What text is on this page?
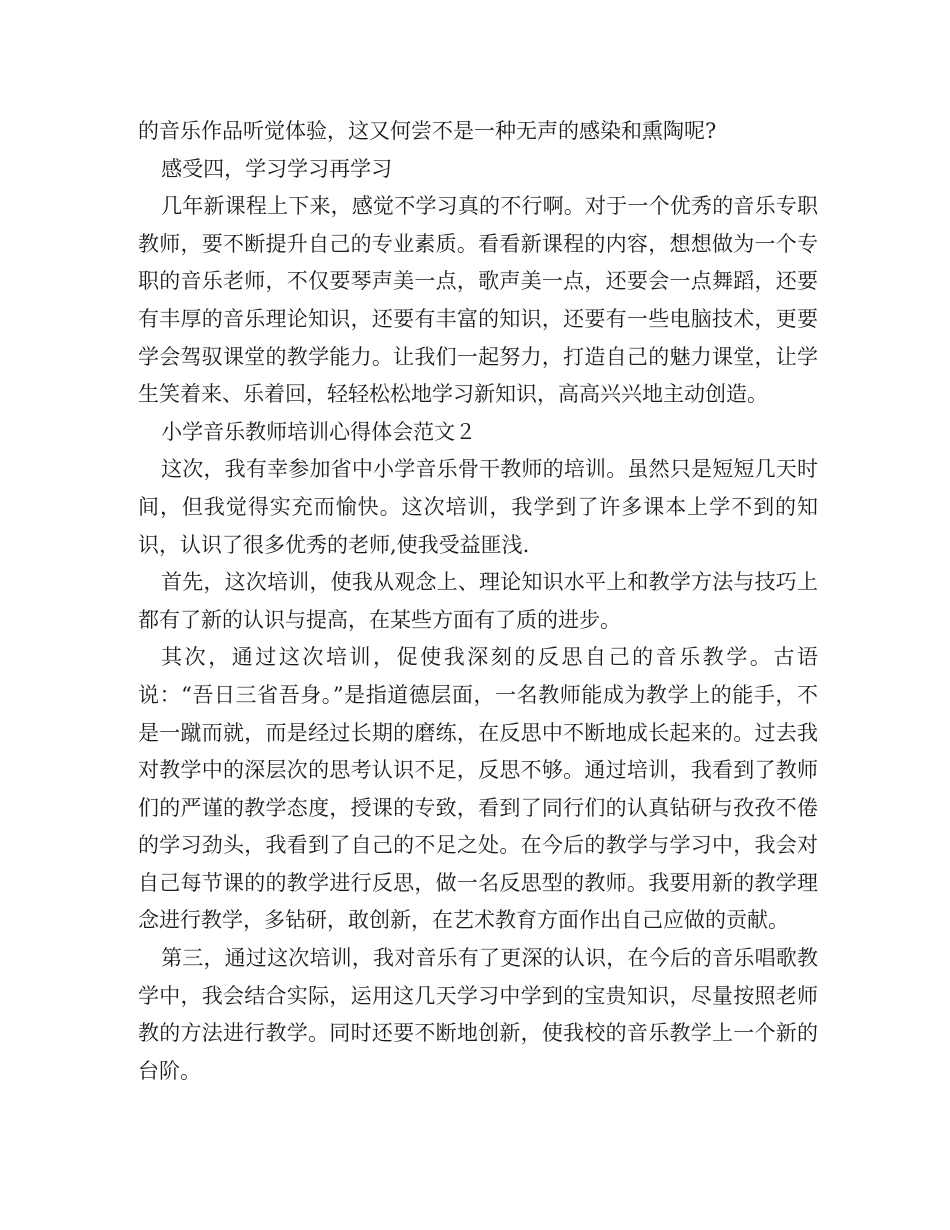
的音乐作品听觉体验，这又何尝不是一种无声的感染和熏陶呢?

感受四，学习学习再学习

几年新课程上下来，感觉不学习真的不行啊。对于一个优秀的音乐专职教师，要不断提升自己的专业素质。看看新课程的内容，想想做为一个专职的音乐老师，不仅要琴声美一点，歌声美一点，还要会一点舞蹈，还要有丰厚的音乐理论知识，还要有丰富的知识，还要有一些电脑技术，更要学会驾驭课堂的教学能力。让我们一起努力，打造自己的魅力课堂，让学生笑着来、乐着回，轻轻松松地学习新知识，高高兴兴地主动创造。

小学音乐教师培训心得体会范文２

这次，我有幸参加省中小学音乐骨干教师的培训。虽然只是短短几天时间，但我觉得实充而愉快。这次培训，我学到了许多课本上学不到的知识，认识了很多优秀的老师,使我受益匪浅.

首先，这次培训，使我从观念上、理论知识水平上和教学方法与技巧上都有了新的认识与提高，在某些方面有了质的进步。

其次，通过这次培训，促使我深刻的反思自己的音乐教学。古语说：“吾日三省吾身。”是指道德层面，一名教师能成为教学上的能手，不是一蹴而就，而是经过长期的磨练，在反思中不断地成长起来的。过去我对教学中的深层次的思考认识不足，反思不够。通过培训，我看到了教师们的严谨的教学态度，授课的专致，看到了同行们的认真钻研与孜孜不倦的学习劲头，我看到了自己的不足之处。在今后的教学与学习中，我会对自己每节课的的教学进行反思，做一名反思型的教师。我要用新的教学理念进行教学，多钻研，敢创新，在艺术教育方面作出自己应做的贡献。

第三，通过这次培训，我对音乐有了更深的认识，在今后的音乐唱歌教学中，我会结合实际，运用这几天学习中学到的宝贵知识，尽量按照老师教的方法进行教学。同时还要不断地创新，使我校的音乐教学上一个新的台阶。
